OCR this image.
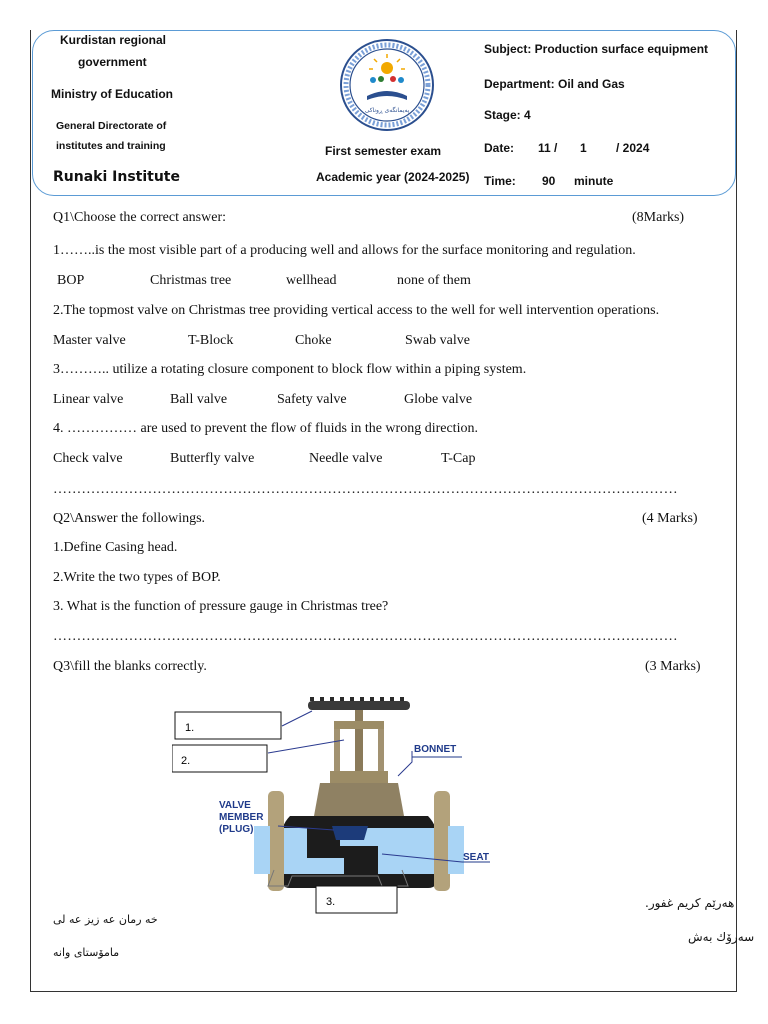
Kurdistan regional
government
Ministry of Education
General Directorate of
institutes and training
Runaki Institute
پەیمانگەی ڕوناکی
First semester exam
Academic year (2024-2025)
Subject: Production surface equipment
Department: Oil and Gas
Stage: 4
Date: 11 / 1 / 2024
Time: 90 minute
Q1\Choose the correct answer:	(8Marks)
1……..is the most visible part of a producing well and allows for the surface monitoring and regulation.
BOP	Christmas tree	wellhead	none of them
2.The topmost valve on Christmas tree providing vertical access to the well for well intervention operations.
Master valve	T-Block	Choke	Swab valve
3……….. utilize a rotating closure component to block flow within a piping system.
Linear valve	Ball valve	Safety valve	Globe valve
4. …………… are used to prevent the flow of fluids in the wrong direction.
Check valve	Butterfly valve	Needle valve	T-Cap
……………………………………………………………………………………………………………………
Q2\Answer the followings.	(4 Marks)
1.Define Casing head.
2.Write the two types of BOP.
3. What is the function of pressure gauge in Christmas tree?
……………………………………………………………………………………………………………………
Q3\fill the blanks correctly.	(3 Marks)
1.
2.
3.
BONNET
VALVE
MEMBER
(PLUG)
SEAT
خه رمان عه زيز عه لى
مامۆستاى وانه
هەرێم كریم غفور.
سەرۆك بەش
